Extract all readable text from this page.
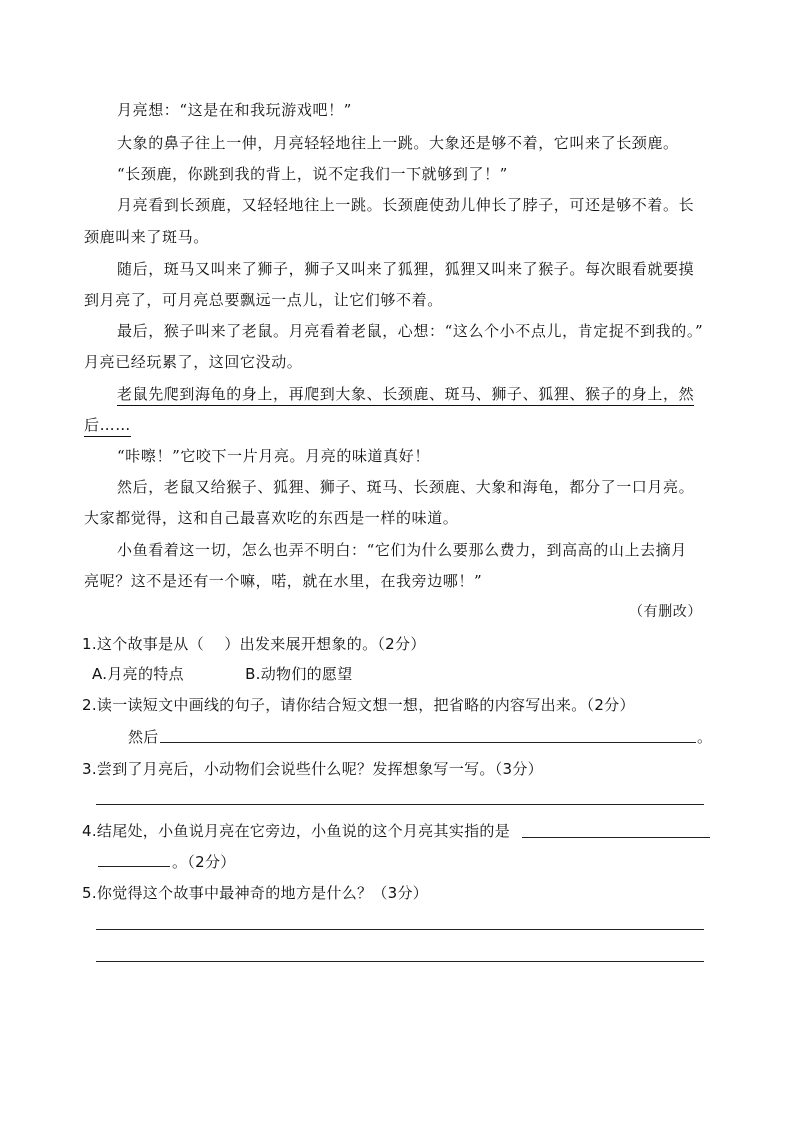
月亮想：“这是在和我玩游戏吧！”
大象的鼻子往上一伸，月亮轻轻地往上一跳。大象还是够不着，它叫来了长颈鹿。
“长颈鹿，你跳到我的背上，说不定我们一下就够到了！”
月亮看到长颈鹿，又轻轻地往上一跳。长颈鹿使劲儿伸长了脖子，可还是够不着。长
颈鹿叫来了斑马。
随后，斑马又叫来了狮子，狮子又叫来了狐狸，狐狸又叫来了猴子。每次眼看就要摸
到月亮了，可月亮总要飘远一点儿，让它们够不着。
最后，猴子叫来了老鼠。月亮看着老鼠，心想：“这么个小不点儿，肯定捉不到我的。”
月亮已经玩累了，这回它没动。
老鼠先爬到海龟的身上，再爬到大象、长颈鹿、斑马、狮子、狐狸、猴子的身上，然
后……
“咔嚓！”它咬下一片月亮。月亮的味道真好！
然后，老鼠又给猴子、狐狸、狮子、斑马、长颈鹿、大象和海龟，都分了一口月亮。
大家都觉得，这和自己最喜欢吃的东西是一样的味道。
小鱼看着这一切，怎么也弄不明白：“它们为什么要那么费力，到高高的山上去摘月
亮呢？这不是还有一个嘛，喏，就在水里，在我旁边哪！”
（有删改）
1.这个故事是从（　 ）出发来展开想象的。（2分）
A.月亮的特点　　　　B.动物们的愿望
2.读一读短文中画线的句子，请你结合短文想一想，把省略的内容写出来。（2分）
然后	。
3.尝到了月亮后，小动物们会说些什么呢？发挥想象写一写。（3分）
4.结尾处，小鱼说月亮在它旁边，小鱼说的这个月亮其实指的是
。（2分）
5.你觉得这个故事中最神奇的地方是什么？（3分）
